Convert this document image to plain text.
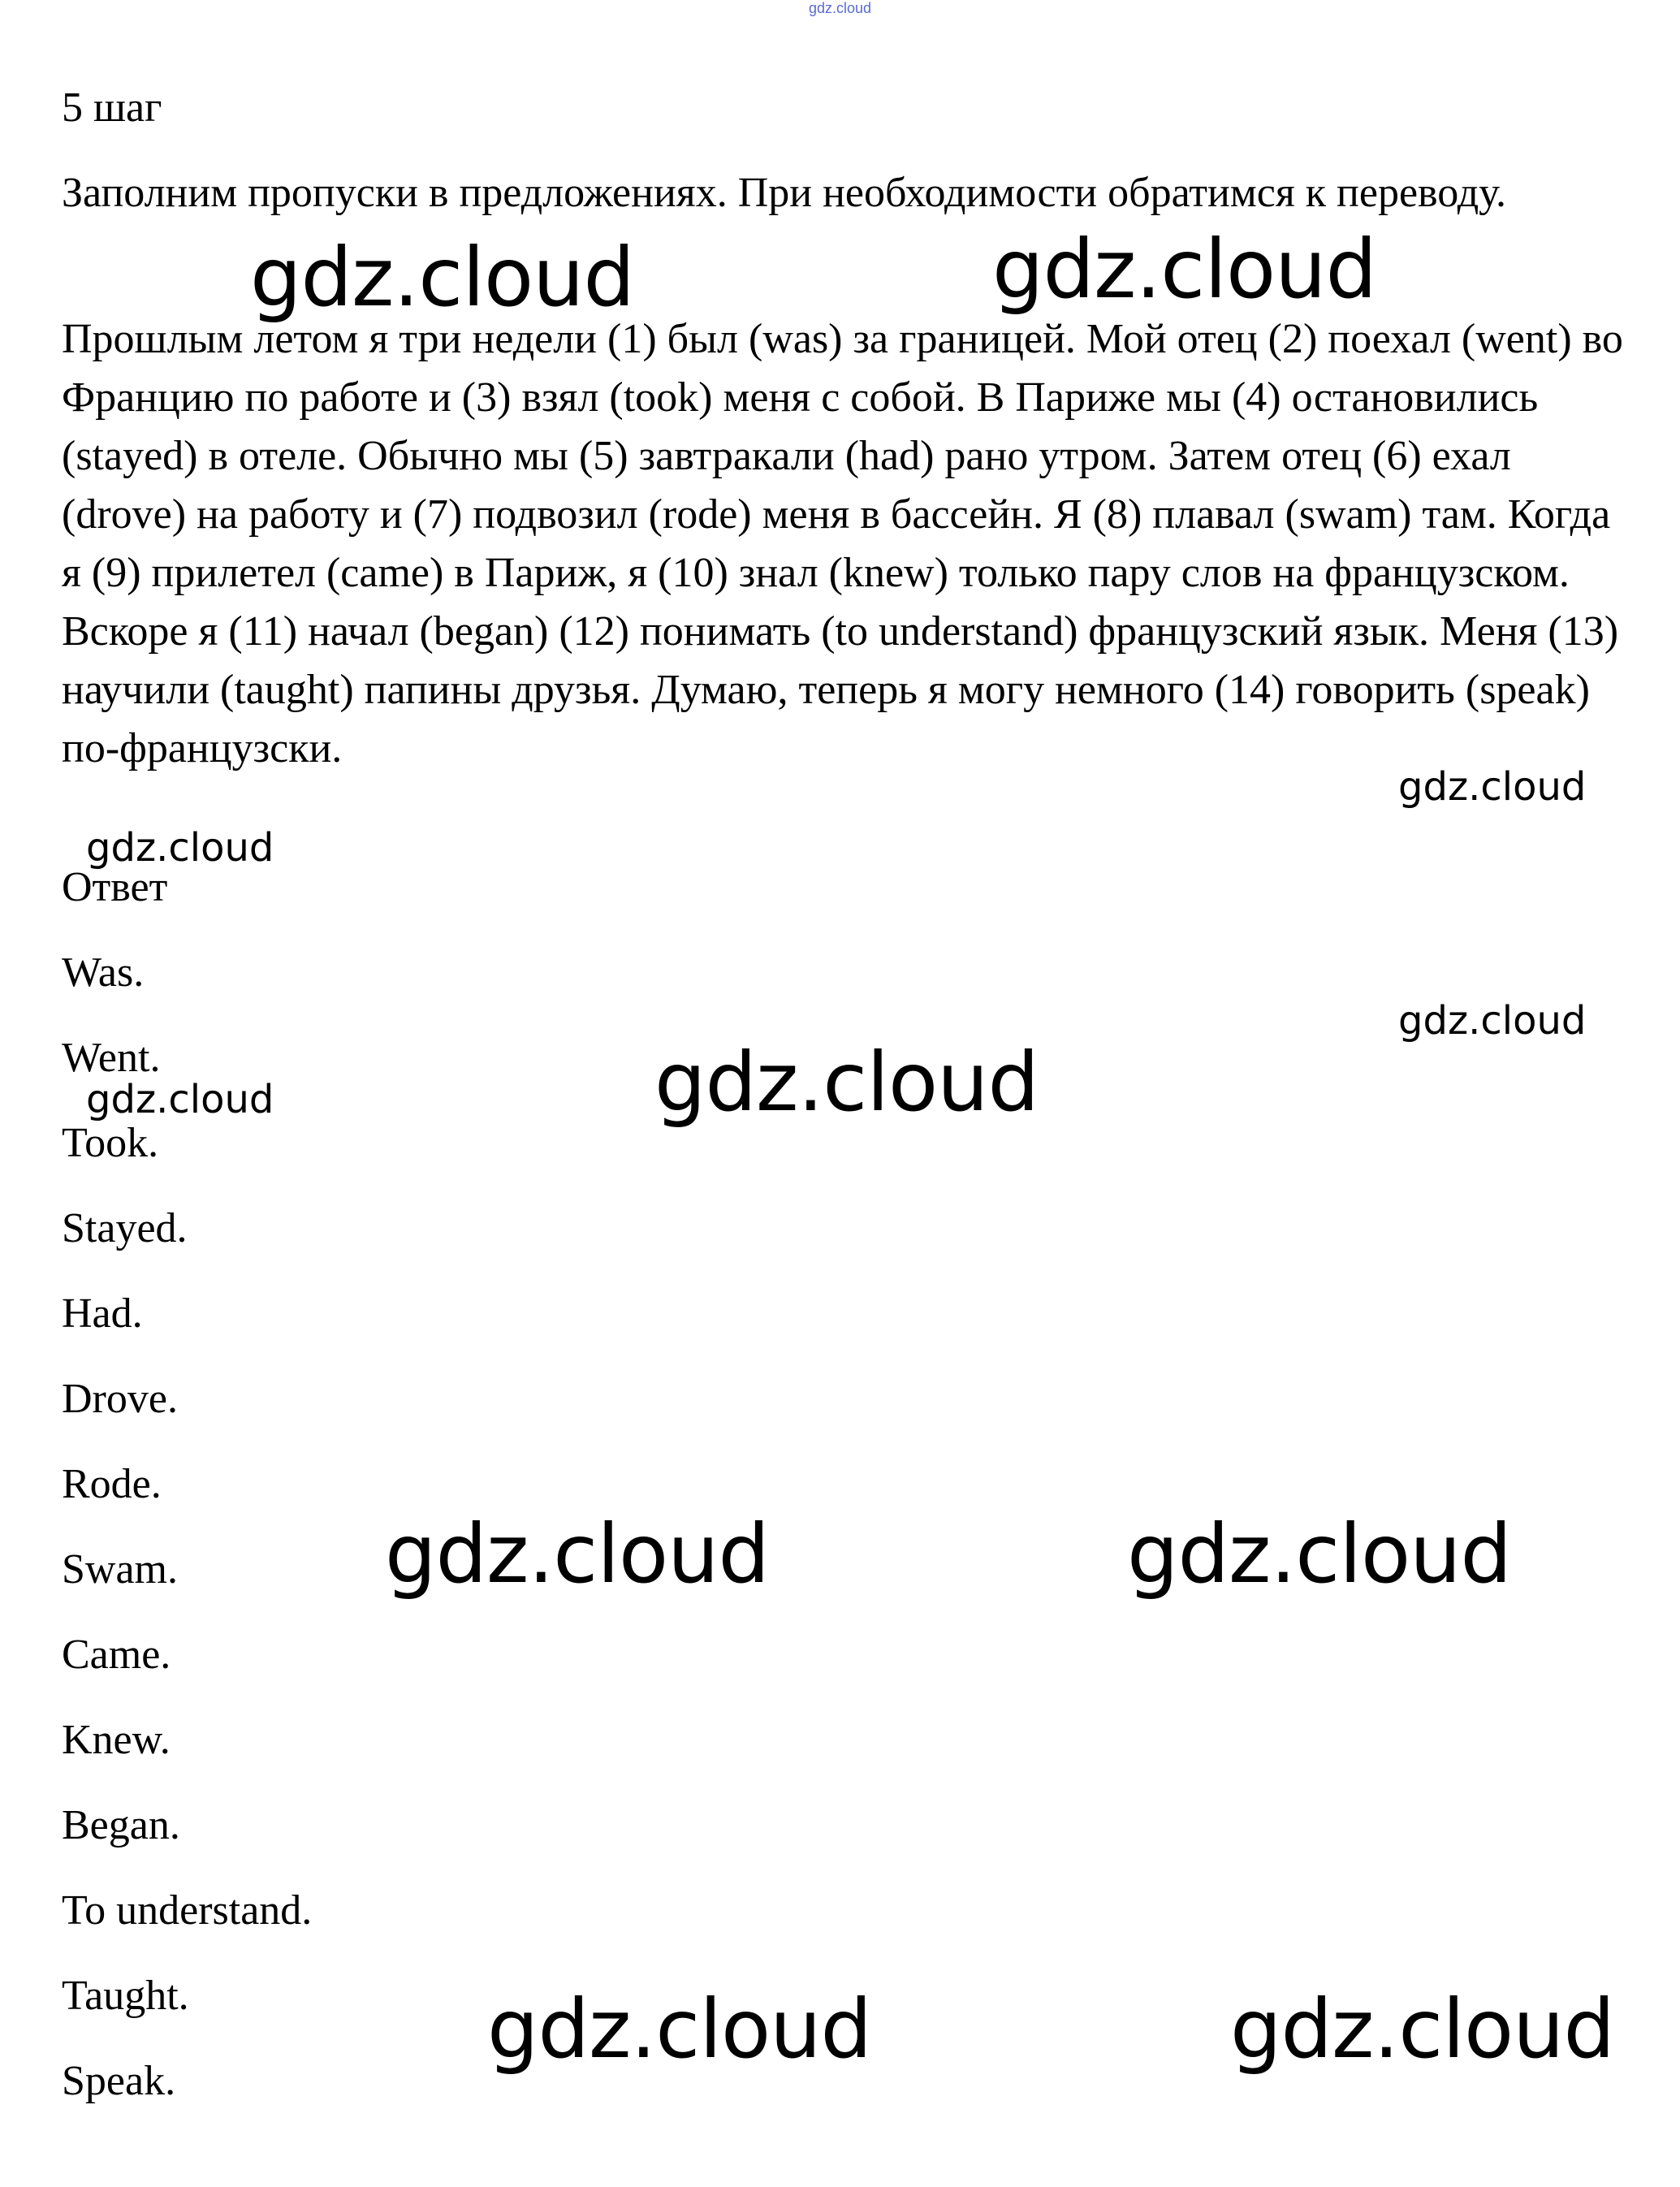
gdz.cloud
5 шаг

Заполним пропуски в предложениях. При необходимости обратимся к переводу.

Прошлым летом я три недели (1) был (was) за границей. Мой отец (2) поехал (went) во Францию по работе и (3) взял (took) меня с собой. В Париже мы (4) остановились (stayed) в отеле. Обычно мы (5) завтракали (had) рано утром. Затем отец (6) ехал (drove) на работу и (7) подвозил (rode) меня в бассейн. Я (8) плавал (swam) там. Когда я (9) прилетел (came) в Париж, я (10) знал (knew) только пару слов на французском. Вскоре я (11) начал (began) (12) понимать (to understand) французский язык. Меня (13) научили (taught) папины друзья. Думаю, теперь я могу немного (14) говорить (speak) по-французски.

Ответ

Was.
Went.
Took.
Stayed.
Had.
Drove.
Rode.
Swam.
Came.
Knew.
Began.
To understand.
Taught.
Speak.
gdz.cloud	gdz.cloud
gdz.cloud
gdz.cloud
gdz.cloud
gdz.cloud
gdz.cloud
gdz.cloud	gdz.cloud
gdz.cloud	gdz.cloud
